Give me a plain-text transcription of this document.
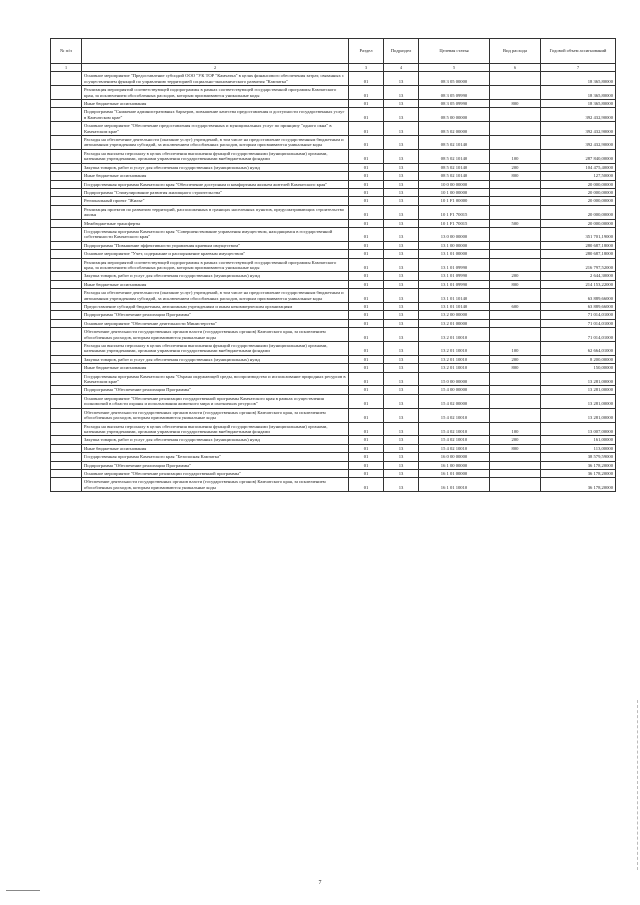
№ п/п		Раздел	Подраздел	Целевая статья	Вид расхода	Годовой объем ассигнований
1	2	3	4	5	6	7
	Основное мероприятие "Предоставление субсидий ООО "УК ТОР "Камчатка" в целях финансового обеспечения затрат, связанных с осуществлением функций по управлению территорией социально-экономического развития "Камчатка"	01	13	08 3 05 00000		18 365,80000
	Реализация мероприятий соответствующей подпрограммы в рамках соответствующей государственной программы Камчатского края, за исключением обособленных расходов, которым присваиваются уникальные коды	01	13	08 3 05 09990		18 365,80000
	Иные бюджетные ассигнования	01	13	08 3 05 09990	800	18 365,80000
	Подпрограмма "Снижение административных барьеров, повышение качества предоставления и доступности государственных услуг в Камчатском крае"	01	13	08 5 00 00000		392 432,90000
	Основное мероприятие "Обеспечение предоставления государственных и муниципальных услуг по принципу "одного окна" в Камчатском крае"	01	13	08 5 02 00000		392 432,90000
	Расходы на обеспечение деятельности (оказание услуг) учреждений, в том числе на предоставление государственным бюджетным и автономным учреждениям субсидий, за исключением обособленных расходов, которым присваиваются уникальные коды	01	13	08 5 02 10140		392 432,90000
	Расходы на выплаты персоналу в целях обеспечения выполнения функций государственными (муниципальными) органами, казенными учреждениями, органами управления государственными внебюджетными фондами	01	13	08 5 02 10140	100	287 840,00000
	Закупка товаров, работ и услуг для обеспечения государственных (муниципальных) нужд	01	13	08 5 02 10140	200	104 475,40000
	Иные бюджетные ассигнования	01	13	08 5 02 10140	800	127,50000
	Государственная программа Камчатского края "Обеспечение доступным и комфортным жильем жителей Камчатского края"	01	13	10 0 00 00000		20 000,00000
	Подпрограмма "Стимулирование развития жилищного строительства"	01	13	10 1 00 00000		20 000,00000
	Региональный проект "Жилье"	01	13	10 1 F1 00000		20 000,00000
	Реализация проектов по развитию территорий, расположенных в границах населенных пунктов, предусматривающих строительство жилья	01	13	10 1 F1 70015		20 000,00000
	Межбюджетные трансферты	01	13	10 1 F1 70015	500	20 000,00000
	Государственная программа Камчатского края "Совершенствование управления имуществом, находящимся в государственной собственности Камчатского края"	01	13	13 0 00 00000		351 701,19000
	Подпрограмма "Повышение эффективности управления краевым имуществом"	01	13	13 1 00 00000		280 687,18000
	Основное мероприятие "Учет, содержание и распоряжение краевым имуществом"	01	13	13 1 01 00000		280 687,18000
	Реализация мероприятий соответствующей подпрограммы в рамках соответствующей государственной программы Камчатского края, за исключением обособленных расходов, которым присваиваются уникальные коды	01	13	13 1 01 09990		216 797,52000
	Закупка товаров, работ и услуг для обеспечения государственных (муниципальных) нужд	01	13	13 1 01 09990	200	2 644,30000
	Иные бюджетные ассигнования	01	13	13 1 01 09990	800	214 153,22000
	Расходы на обеспечение деятельности (оказание услуг) учреждений, в том числе на предоставление государственным бюджетным и автономным учреждениям субсидий, за исключением обособленных расходов, которым присваиваются уникальные коды	01	13	13 1 01 10140		63 889,66000
	Предоставление субсидий бюджетным, автономным учреждениям и иным некоммерческим организациям	01	13	13 1 01 10140	600	63 889,66000
	Подпрограмма "Обеспечение реализации Программы"	01	13	13 2 00 00000		71 014,01000
	Основное мероприятие "Обеспечение деятельности Министерства"	01	13	13 2 01 00000		71 014,01000
	Обеспечение деятельности государственных органов власти (государственных органов) Камчатского края, за исключением обособленных расходов, которым присваиваются уникальные коды	01	13	13 2 01 10010		71 014,01000
	Расходы на выплаты персоналу в целях обеспечения выполнения функций государственными (муниципальными) органами, казенными учреждениями, органами управления государственными внебюджетными фондами	01	13	13 2 01 10010	100	62 664,01000
	Закупка товаров, работ и услуг для обеспечения государственных (муниципальных) нужд	01	13	13 2 01 10010	200	8 200,00000
	Иные бюджетные ассигнования	01	13	13 2 01 10010	800	150,00000
	Государственная программа Камчатского края "Охрана окружающей среды, воспроизводство и использование природных ресурсов в Камчатском крае"	01	13	15 0 00 00000		13 281,00000
	Подпрограмма "Обеспечение реализации Программы"	01	13	15 4 00 00000		13 281,00000
	Основное мероприятие "Обеспечение реализации государственной программы Камчатского края в рамках осуществления полномочий в области охраны и использования животного мира и охотничьих ресурсов"	01	13	15 4 02 00000		13 281,00000
	Обеспечение деятельности государственных органов власти (государственных органов) Камчатского края, за исключением обособленных расходов, которым присваиваются уникальные коды	01	13	15 4 02 10010		13 281,00000
	Расходы на выплаты персоналу в целях обеспечения выполнения функций государственными (муниципальными) органами, казенными учреждениями, органами управления государственными внебюджетными фондами	01	13	15 4 02 10010	100	13 007,00000
	Закупка товаров, работ и услуг для обеспечения государственных (муниципальных) нужд	01	13	15 4 02 10010	200	161,00000
	Иные бюджетные ассигнования	01	13	15 4 02 10010	800	113,00000
	Государственная программа Камчатского края "Безопасная Камчатка"	01	13	16 0 00 00000		38 579,59000
	Подпрограмма "Обеспечение реализации Программы"	01	13	16 1 00 00000		36 178,20000
	Основное мероприятие "Обеспечение реализации государственной программы"	01	13	16 1 01 00000		36 178,20000
	Обеспечение деятельности государственных органов власти (государственных органов) Камчатского края, за исключением обособленных расходов, которым присваиваются уникальные коды	01	13	16 1 01 10010		36 178,20000
7
